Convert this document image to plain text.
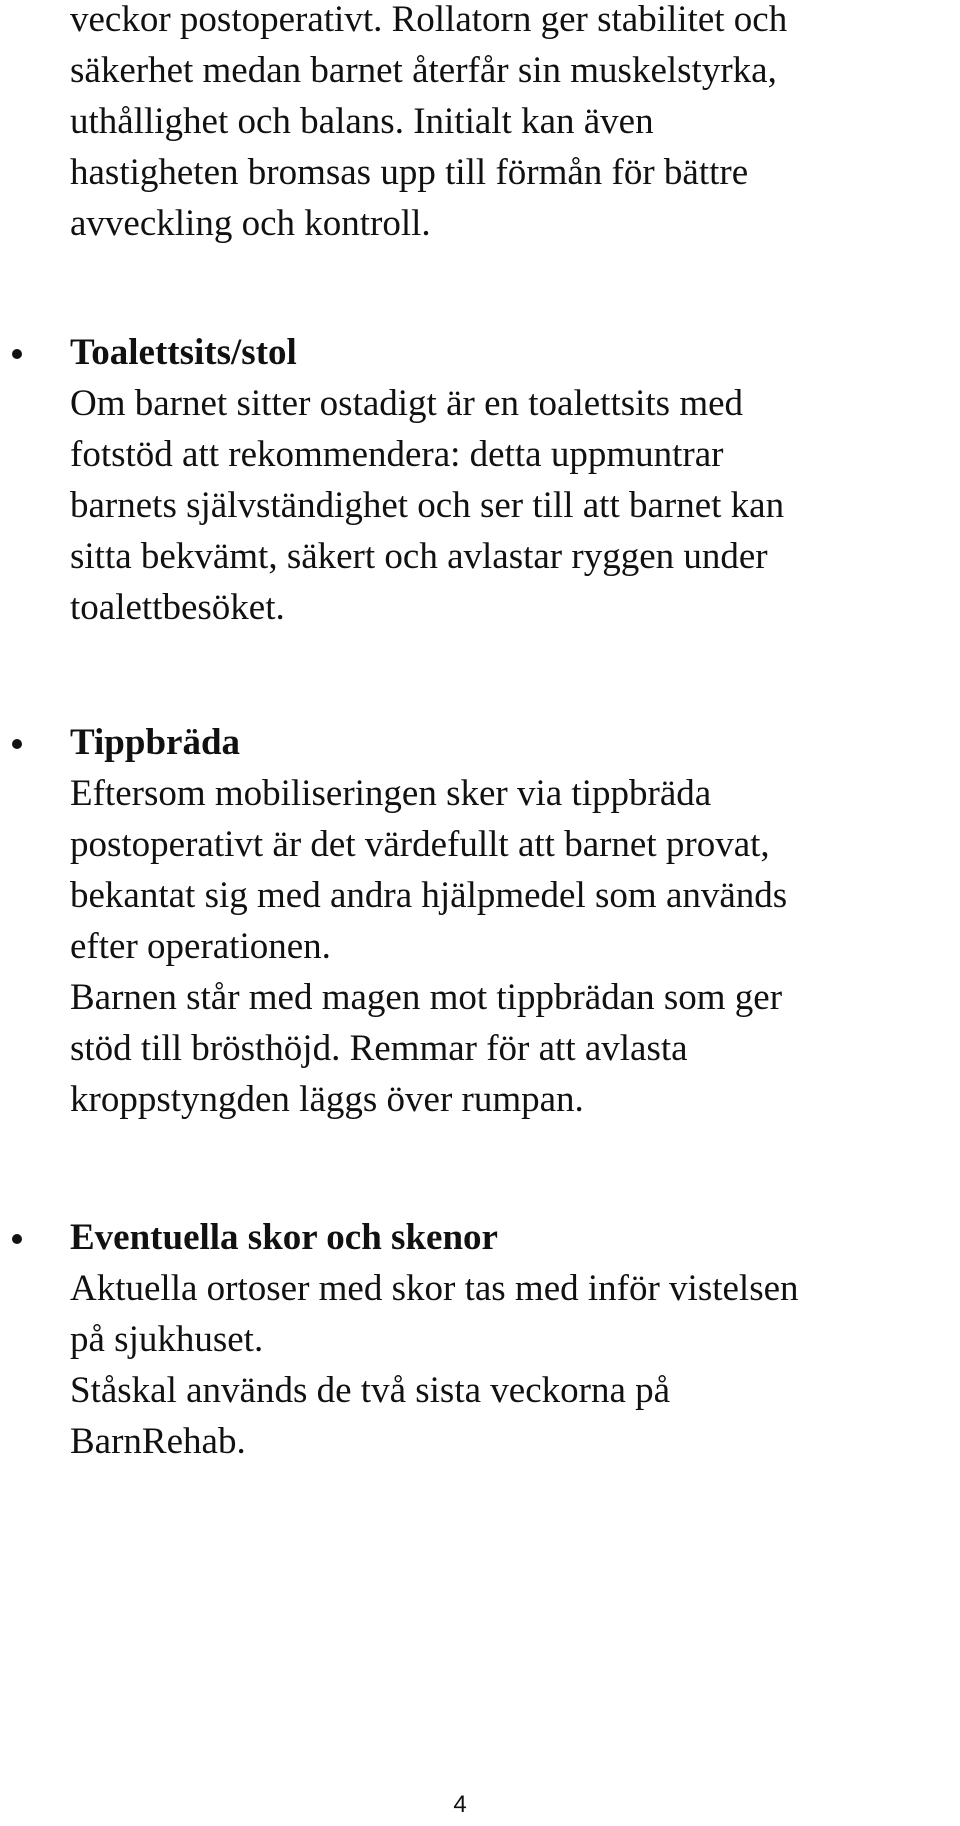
veckor postoperativt. Rollatorn ger stabilitet och
säkerhet medan barnet återfår sin muskelstyrka,
uthållighet och balans. Initialt kan även
hastigheten bromsas upp till förmån för bättre
avveckling och kontroll.
Toalettsits/stol
Om barnet sitter ostadigt är en toalettsits med
fotstöd att rekommendera: detta uppmuntrar
barnets självständighet och ser till att barnet kan
sitta bekvämt, säkert och avlastar ryggen under
toalettbesöket.
Tippbräda
Eftersom mobiliseringen sker via tippbräda
postoperativt är det värdefullt att barnet provat,
bekantat sig med andra hjälpmedel som används
efter operationen.
Barnen står med magen mot tippbrädan som ger
stöd till brösthöjd. Remmar för att avlasta
kroppstyngden läggs över rumpan.
Eventuella skor och skenor
Aktuella ortoser med skor tas med inför vistelsen
på sjukhuset.
Ståskal används de två sista veckorna på
BarnRehab.
4
